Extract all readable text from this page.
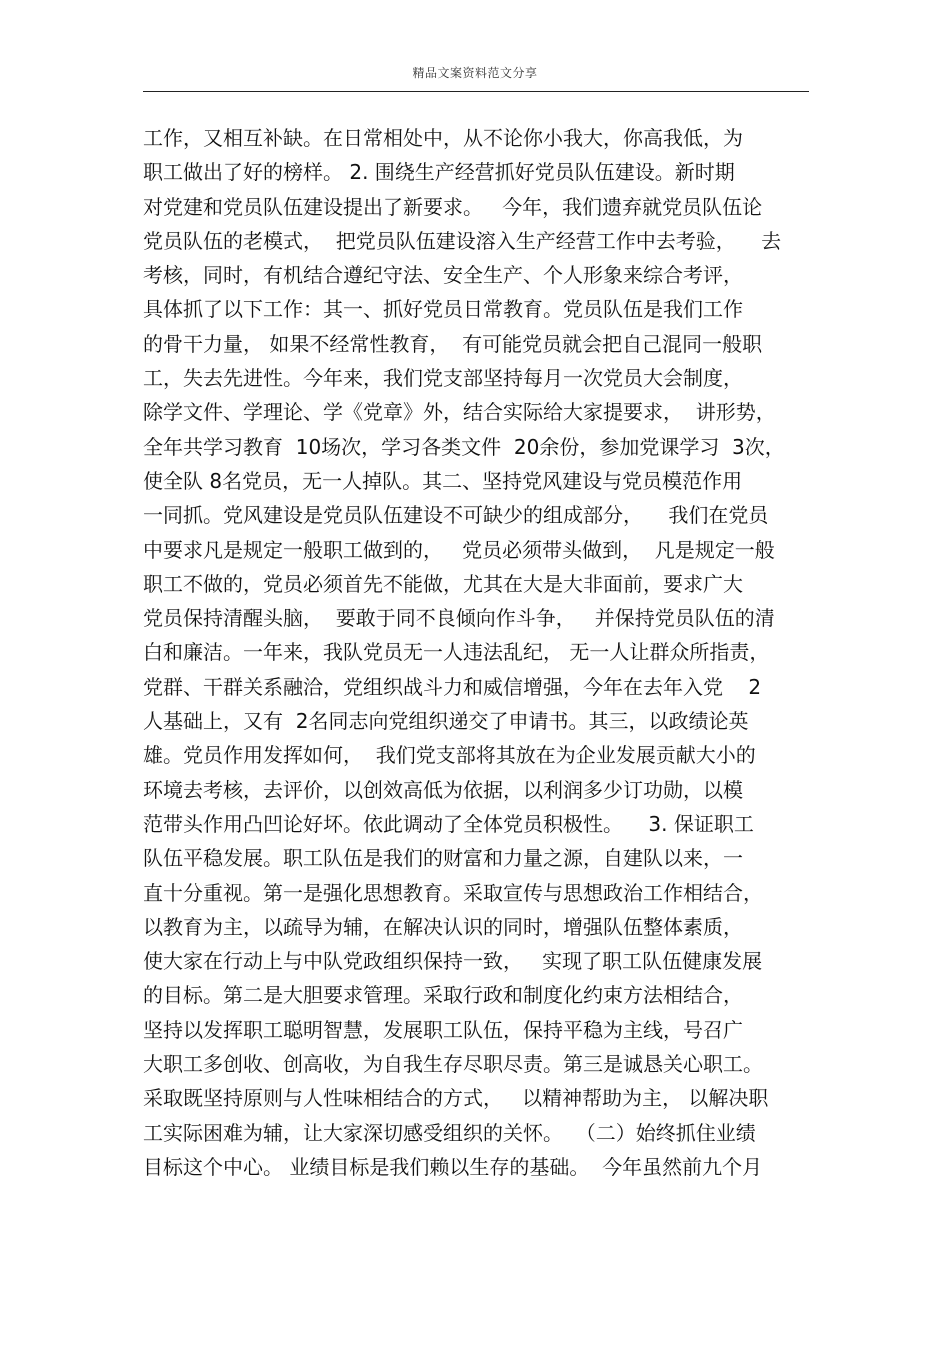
精品文案资料范文分享
工作，又相互补缺。在日常相处中，从不论你小我大，你高我低，为
职工做出了好的榜样。 2. 围绕生产经营抓好党员队伍建设。新时期
对党建和党员队伍建设提出了新要求。   今年，我们遗弃就党员队伍论
党员队伍的老模式，  把党员队伍建设溶入生产经营工作中去考验，    去
考核，同时，有机结合遵纪守法、安全生产、个人形象来综合考评，
具体抓了以下工作：其一、抓好党员日常教育。党员队伍是我们工作
的骨干力量， 如果不经常性教育，  有可能党员就会把自己混同一般职
工，失去先进性。今年来，我们党支部坚持每月一次党员大会制度，
除学文件、学理论、学《党章》外，结合实际给大家提要求，  讲形势，
全年共学习教育  10场次，学习各类文件  20余份，参加党课学习  3次，
使全队 8名党员，无一人掉队。其二、坚持党风建设与党员模范作用
一同抓。党风建设是党员队伍建设不可缺少的组成部分，    我们在党员
中要求凡是规定一般职工做到的，   党员必须带头做到，  凡是规定一般
职工不做的，党员必须首先不能做，尤其在大是大非面前，要求广大
党员保持清醒头脑，  要敢于同不良倾向作斗争，   并保持党员队伍的清
白和廉洁。一年来，我队党员无一人违法乱纪， 无一人让群众所指责，
党群、干群关系融洽，党组织战斗力和威信增强，今年在去年入党    2
人基础上，又有  2名同志向党组织递交了申请书。其三，以政绩论英
雄。党员作用发挥如何，  我们党支部将其放在为企业发展贡献大小的
环境去考核，去评价，以创效高低为依据，以利润多少订功勋，以模
范带头作用凸凹论好坏。依此调动了全体党员积极性。    3. 保证职工
队伍平稳发展。职工队伍是我们的财富和力量之源，自建队以来，一
直十分重视。第一是强化思想教育。采取宣传与思想政治工作相结合，
以教育为主，以疏导为辅，在解决认识的同时，增强队伍整体素质，
使大家在行动上与中队党政组织保持一致，   实现了职工队伍健康发展
的目标。第二是大胆要求管理。采取行政和制度化约束方法相结合，
坚持以发挥职工聪明智慧，发展职工队伍，保持平稳为主线，号召广
大职工多创收、创高收，为自我生存尽职尽责。第三是诚恳关心职工。
采取既坚持原则与人性味相结合的方式，   以精神帮助为主， 以解决职
工实际困难为辅，让大家深切感受组织的关怀。  （二）始终抓住业绩
目标这个中心。 业绩目标是我们赖以生存的基础。  今年虽然前九个月
